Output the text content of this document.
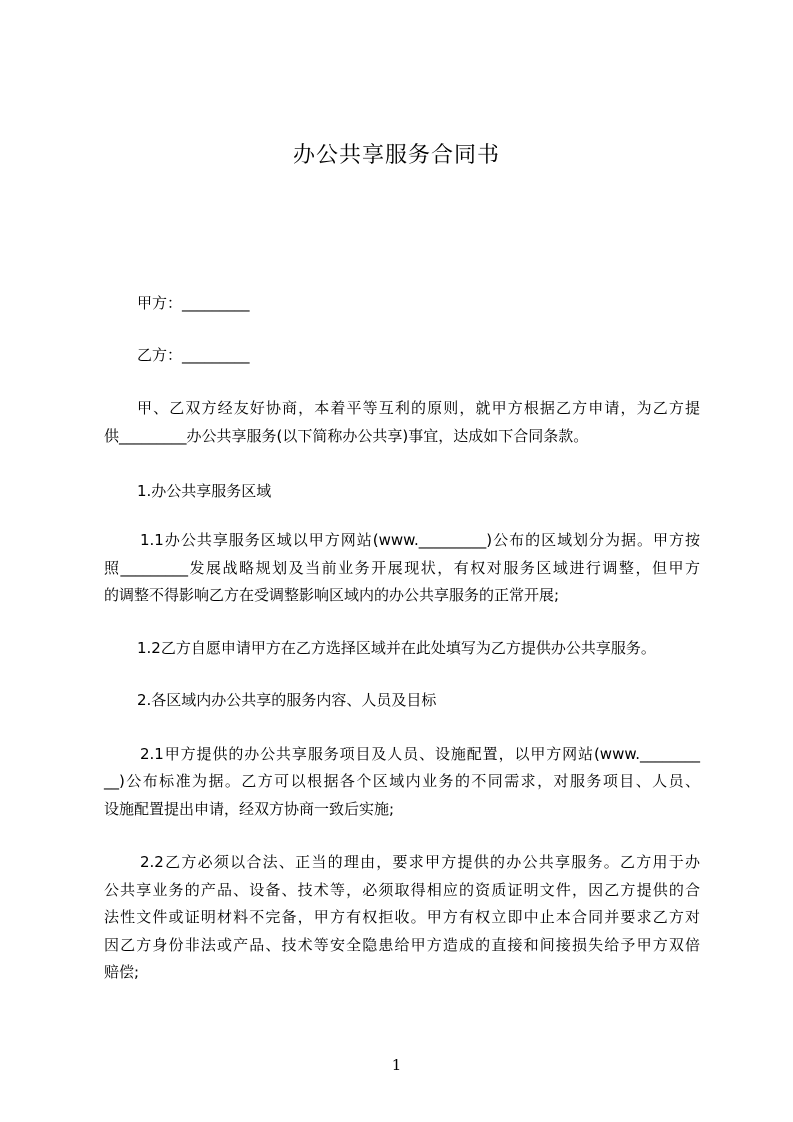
办公共享服务合同书
甲方：_________
乙方：_________
甲、乙双方经友好协商，本着平等互利的原则，就甲方根据乙方申请，为乙方提
供_________办公共享服务(以下简称办公共享)事宜，达成如下合同条款。
1.办公共享服务区域
1.1办公共享服务区域以甲方网站(www._________)公布的区域划分为据。甲方按
照_________发展战略规划及当前业务开展现状，有权对服务区域进行调整，但甲方
的调整不得影响乙方在受调整影响区域内的办公共享服务的正常开展;
1.2乙方自愿申请甲方在乙方选择区域并在此处填写为乙方提供办公共享服务。
2.各区域内办公共享的服务内容、人员及目标
2.1甲方提供的办公共享服务项目及人员、设施配置，以甲方网站(www.________
__)公布标准为据。乙方可以根据各个区域内业务的不同需求，对服务项目、人员、
设施配置提出申请，经双方协商一致后实施;
2.2乙方必须以合法、正当的理由，要求甲方提供的办公共享服务。乙方用于办
公共享业务的产品、设备、技术等，必须取得相应的资质证明文件，因乙方提供的合
法性文件或证明材料不完备，甲方有权拒收。甲方有权立即中止本合同并要求乙方对
因乙方身份非法或产品、技术等安全隐患给甲方造成的直接和间接损失给予甲方双倍
赔偿;
1
